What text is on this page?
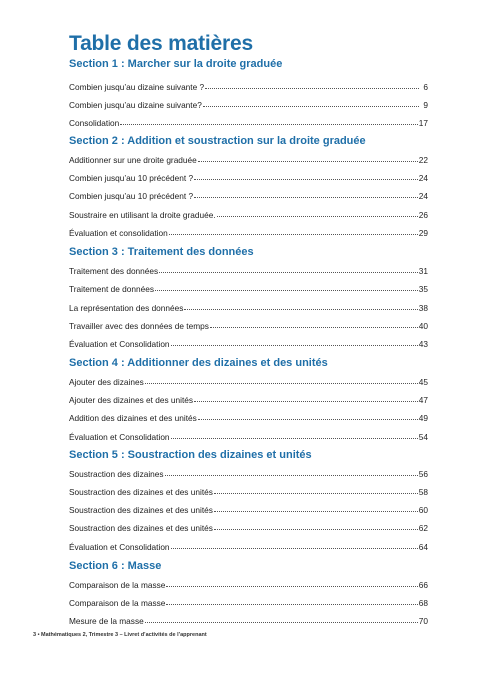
Table des matières
Section 1 : Marcher sur la droite graduée
Combien jusqu’au dizaine suivante ?	6
Combien jusqu’au dizaine suivante?	9
Consolidation	17
Section 2 : Addition et soustraction sur la droite graduée
Additionner sur une droite graduée	22
Combien jusqu’au 10 précédent ?	24
Combien jusqu’au 10 précédent ?	24
Soustraire en utilisant la droite graduée.	26
Évaluation et consolidation	29
Section 3 : Traitement des données
Traitement des données	31
Traitement de données	35
La représentation des données	38
Travailler avec des données de temps	40
Évaluation et Consolidation	43
Section 4 : Additionner des dizaines et des unités
Ajouter des dizaines	45
Ajouter des dizaines et des unités	47
Addition des dizaines et des unités	49
Évaluation et Consolidation	54
Section 5 : Soustraction des dizaines et unités
Soustraction des dizaines	56
Soustraction des dizaines et des unités	58
Soustraction des dizaines et des unités	60
Soustraction des dizaines et des unités	62
Évaluation et Consolidation	64
Section 6 : Masse
Comparaison de la masse	66
Comparaison de la masse	68
Mesure de la masse	70
3 • Mathématiques 2, Trimestre 3 – Livret d’activités de l’apprenant
